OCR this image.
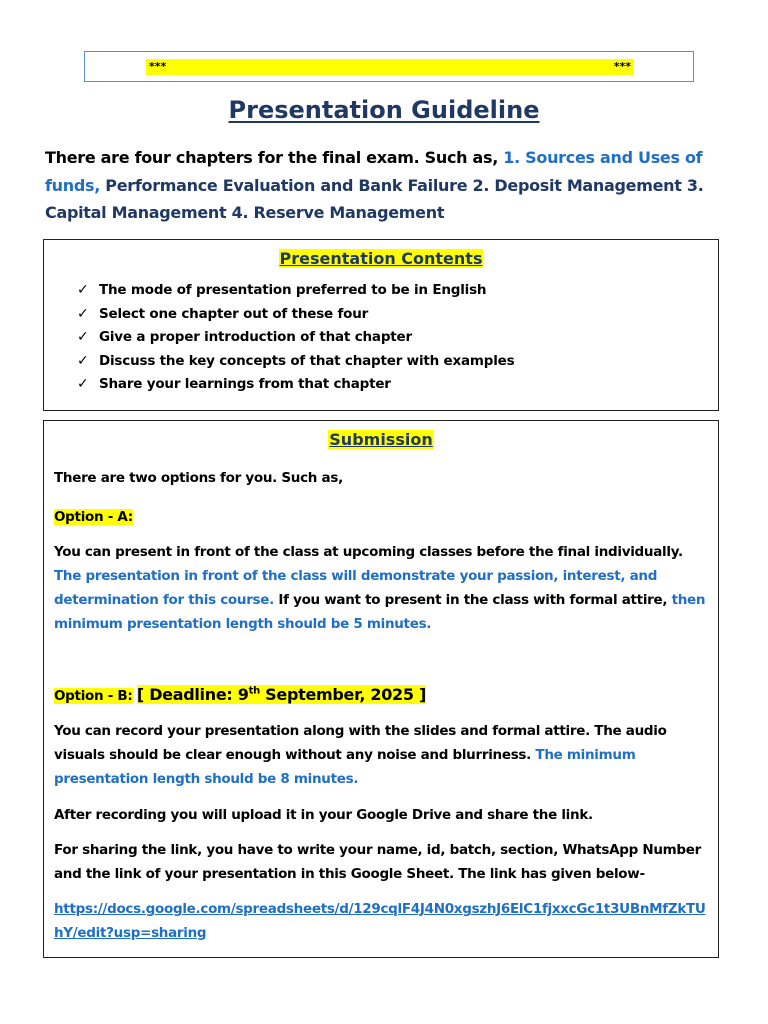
***	***
Presentation Guideline
There are four chapters for the final exam. Such as, 1. Sources and Uses of funds, Performance Evaluation and Bank Failure 2. Deposit Management 3. Capital Management 4. Reserve Management
Presentation Contents
✓ The mode of presentation preferred to be in English
✓ Select one chapter out of these four
✓ Give a proper introduction of that chapter
✓ Discuss the key concepts of that chapter with examples
✓ Share your learnings from that chapter
Submission

There are two options for you. Such as,

Option - A:

You can present in front of the class at upcoming classes before the final individually. The presentation in front of the class will demonstrate your passion, interest, and determination for this course. If you want to present in the class with formal attire, then minimum presentation length should be 5 minutes.

Option - B: [ Deadline: 9th September, 2025 ]

You can record your presentation along with the slides and formal attire. The audio visuals should be clear enough without any noise and blurriness. The minimum presentation length should be 8 minutes.

After recording you will upload it in your Google Drive and share the link.

For sharing the link, you have to write your name, id, batch, section, WhatsApp Number and the link of your presentation in this Google Sheet. The link has given below-

https://docs.google.com/spreadsheets/d/129cqlF4J4N0xgszhJ6ElC1fjxxcGc1t3UBnMfZkTUhY/edit?usp=sharing
